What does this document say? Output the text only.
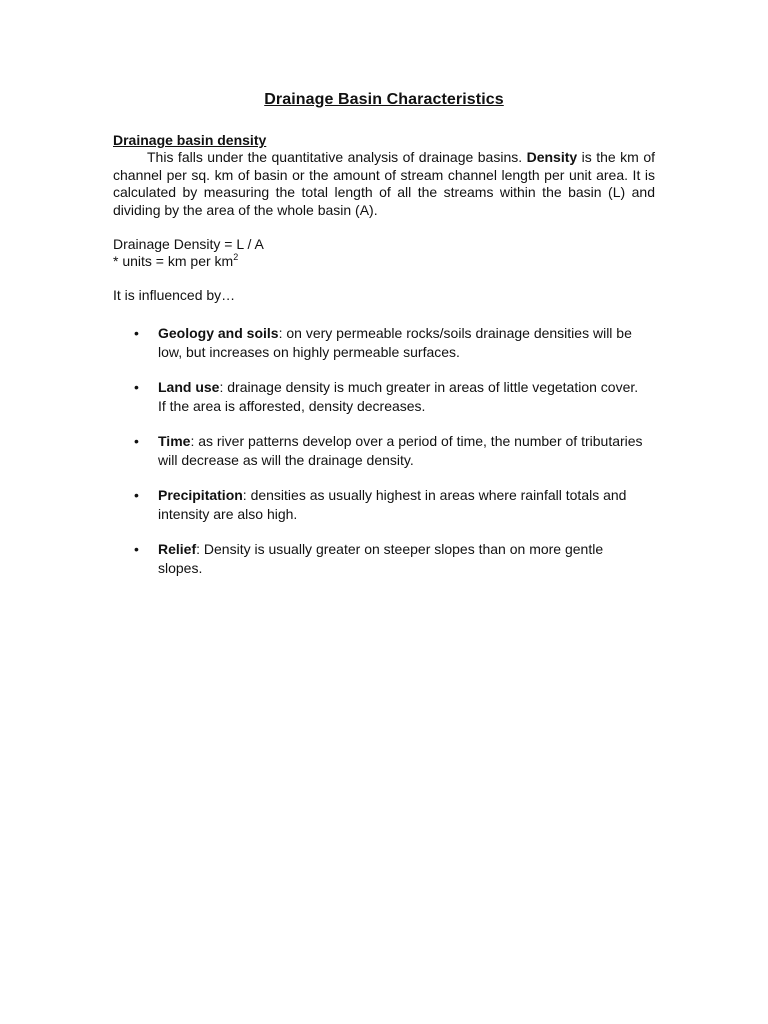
Drainage Basin Characteristics
Drainage basin density

This falls under the quantitative analysis of drainage basins. Density is the km of channel per sq. km of basin or the amount of stream channel length per unit area. It is calculated by measuring the total length of all the streams within the basin (L) and dividing by the area of the whole basin (A).

Drainage Density = L / A
* units = km per $km^2$
It is influenced by…
• Geology and soils: on very permeable rocks/soils drainage densities will be low, but increases on highly permeable surfaces.
• Land use: drainage density is much greater in areas of little vegetation cover. If the area is afforested, density decreases.
• Time: as river patterns develop over a period of time, the number of tributaries will decrease as will the drainage density.
• Precipitation: densities as usually highest in areas where rainfall totals and intensity are also high.
• Relief: Density is usually greater on steeper slopes than on more gentle slopes.
